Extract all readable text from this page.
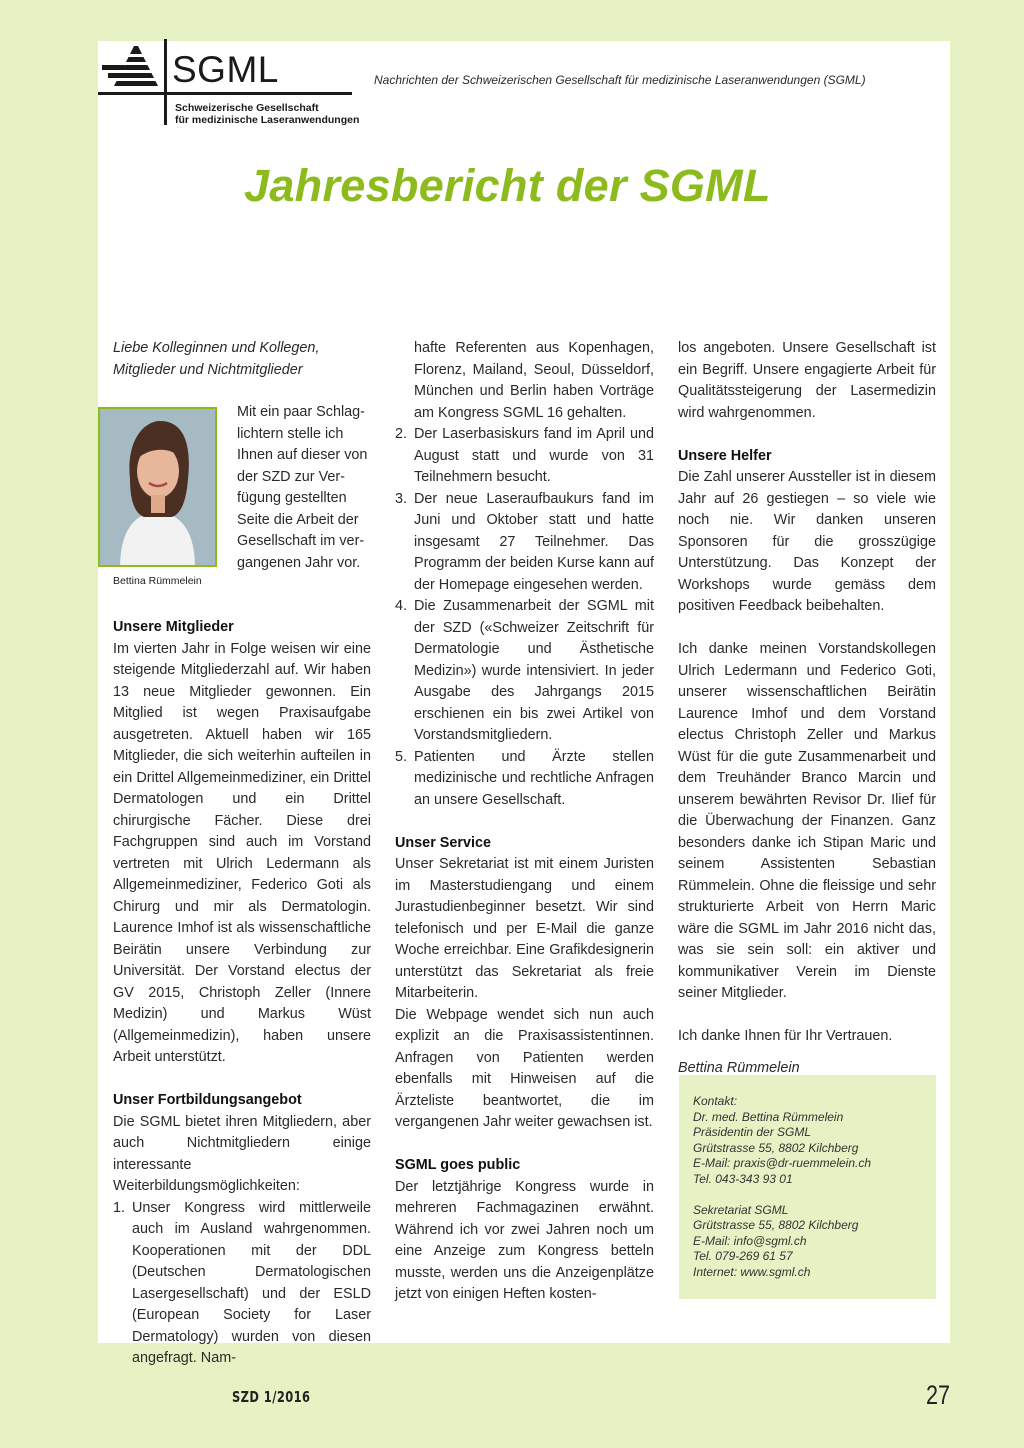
SGML
Schweizerische Gesellschaft
für medizinische Laseranwendungen
Nachrichten der Schweizerischen Gesellschaft für medizinische Laseranwendungen (SGML)
Jahresbericht der SGML

Liebe Kolleginnen und Kollegen,

Mitglieder und Nichtmitglieder

Bettina Rümmelein

Mit ein paar Schlag-

lichtern stelle ich

Ihnen auf dieser von

der SZD zur Ver-

fügung gestellten

Seite die Arbeit der

Gesellschaft im ver-

gangenen Jahr vor.

Unsere Mitglieder

Im vierten Jahr in Folge weisen wir eine steigende Mitgliederzahl auf. Wir haben 13 neue Mitglieder gewonnen. Ein Mitglied ist wegen Praxisaufgabe ausgetreten. Aktuell haben wir 165 Mitglieder, die sich weiterhin aufteilen in ein Drittel Allgemeinmediziner, ein Drittel Dermatologen und ein Drittel chirurgische Fächer. Diese drei Fachgruppen sind auch im Vorstand vertreten mit Ulrich Ledermann als Allgemeinmediziner, Federico Goti als Chirurg und mir als Dermatologin. Laurence Imhof ist als wissenschaftliche Beirätin unsere Verbindung zur Universität. Der Vorstand electus der GV 2015, Christoph Zeller (Innere Medizin) und Markus Wüst (Allgemeinmedizin), haben unsere Arbeit unterstützt.

Unser Fortbildungsangebot

Die SGML bietet ihren Mitgliedern, aber auch Nichtmitgliedern einige interessante Weiterbildungsmöglichkeiten:

1. Unser Kongress wird mittlerweile auch im Ausland wahrgenommen. Kooperationen mit der DDL (Deutschen Dermatologischen Lasergesellschaft) und der ESLD (European Society for Laser Dermatology) wurden von diesen angefragt. Nam-
hafte Referenten aus Kopenhagen, Florenz, Mailand, Seoul, Düsseldorf, München und Berlin haben Vorträge am Kongress SGML 16 gehalten.
2. Der Laserbasiskurs fand im April und August statt und wurde von 31 Teilnehmern besucht.
3. Der neue Laseraufbaukurs fand im Juni und Oktober statt und hatte insgesamt 27 Teilnehmer. Das Programm der beiden Kurse kann auf der Homepage eingesehen werden.
4. Die Zusammenarbeit der SGML mit der SZD («Schweizer Zeitschrift für Dermatologie und Ästhetische Medizin») wurde intensiviert. In jeder Ausgabe des Jahrgangs 2015 erschienen ein bis zwei Artikel von Vorstandsmitgliedern.
5. Patienten und Ärzte stellen medizinische und rechtliche Anfragen an unsere Gesellschaft.
Unser Service

Unser Sekretariat ist mit einem Juristen im Masterstudiengang und einem Jurastudienbeginner besetzt. Wir sind telefonisch und per E-Mail die ganze Woche erreichbar. Eine Grafikdesignerin unterstützt das Sekretariat als freie Mitarbeiterin.

Die Webpage wendet sich nun auch explizit an die Praxisassistentinnen. Anfragen von Patienten werden ebenfalls mit Hinweisen auf die Ärzteliste beantwortet, die im vergangenen Jahr weiter gewachsen ist.

SGML goes public

Der letztjährige Kongress wurde in mehreren Fachmagazinen erwähnt. Während ich vor zwei Jahren noch um eine Anzeige zum Kongress betteln musste, werden uns die Anzeigenplätze jetzt von einigen Heften kosten-

los angeboten. Unsere Gesellschaft ist ein Begriff. Unsere engagierte Arbeit für Qualitätssteigerung der Lasermedizin wird wahrgenommen.

Unsere Helfer

Die Zahl unserer Aussteller ist in diesem Jahr auf 26 gestiegen – so viele wie noch nie. Wir danken unseren Sponsoren für die grosszügige Unterstützung. Das Konzept der Workshops wurde gemäss dem positiven Feedback beibehalten.

Ich danke meinen Vorstandskollegen Ulrich Ledermann und Federico Goti, unserer wissenschaftlichen Beirätin Laurence Imhof und dem Vorstand electus Christoph Zeller und Markus Wüst für die gute Zusammenarbeit und dem Treuhänder Branco Marcin und unserem bewährten Revisor Dr. Ilief für die Überwachung der Finanzen. Ganz besonders danke ich Stipan Maric und seinem Assistenten Sebastian Rümmelein. Ohne die fleissige und sehr strukturierte Arbeit von Herrn Maric wäre die SGML im Jahr 2016 nicht das, was sie sein soll: ein aktiver und kommunikativer Verein im Dienste seiner Mitglieder.

Ich danke Ihnen für Ihr Vertrauen.

Bettina Rümmelein

Kontakt:

Dr. med. Bettina Rümmelein

Präsidentin der SGML

Grütstrasse 55, 8802 Kilchberg

E-Mail: praxis@dr-ruemmelein.ch

Tel. 043-343 93 01

Sekretariat SGML

Grütstrasse 55, 8802 Kilchberg

E-Mail: info@sgml.ch

Tel. 079-269 61 57

Internet: www.sgml.ch

SZD 1/2016	27
